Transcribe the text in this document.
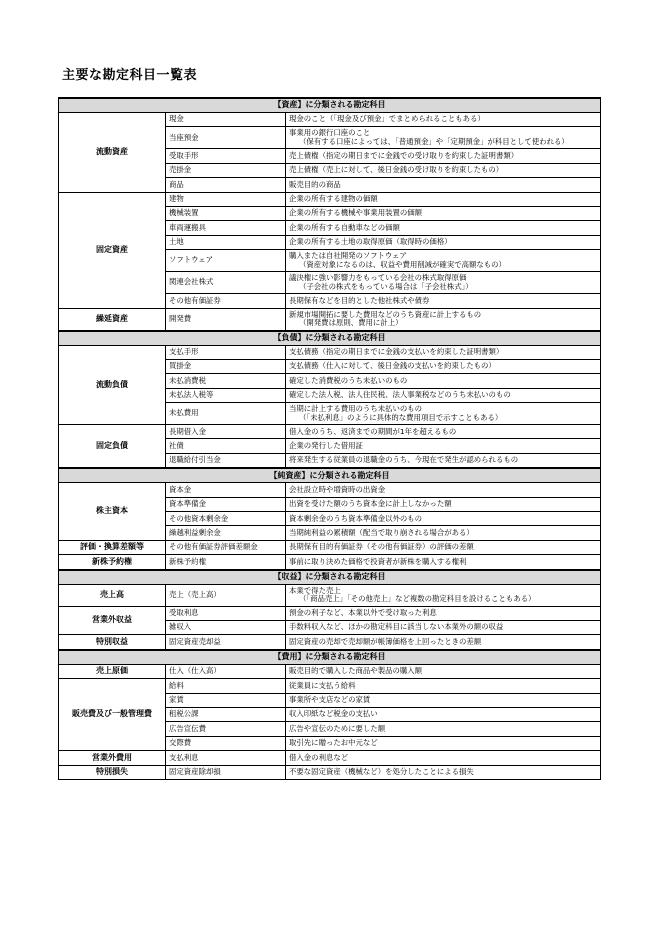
主要な勘定科目一覧表
【資産】に分類される勘定科目		
流動資産	現金	現金のこと（「現金及び預金」でまとめられることもある）

	当座預金	事業用の銀行口座のこと
（保有する口座によっては、「普通預金」や「定期預金」が科目として使われる）

	受取手形	売上債権（指定の期日までに金銭での受け取りを約束した証明書類）

	売掛金	売上債権（売上に対して、後日金銭の受け取りを約束したもの）

	商品	販売目的の商品

固定資産	建物	企業の所有する建物の価額

	機械装置	企業の所有する機械や事業用装置の価額

	車両運搬具	企業の所有する自動車などの価額

	土地	企業の所有する土地の取得原価（取得時の価格）

	ソフトウェア	購入または自社開発のソフトウェア
（資産対象になるのは、収益や費用削減が確実で高額なもの）

	関連会社株式	議決権に強い影響力をもっている会社の株式取得原価
（子会社の株式をもっている場合は「子会社株式」）

	その他有価証券	長期保有などを目的とした他社株式や債券

繰延資産	開発費	新規市場開拓に要した費用などのうち資産に計上するもの
（開発費は原則、費用に計上）

【負債】に分類される勘定科目		
流動負債	支払手形	支払債務（指定の期日までに金銭の支払いを約束した証明書類）

	買掛金	支払債務（仕入に対して、後日金銭の支払いを約束したもの）

	未払消費税	確定した消費税のうち未払いのもの

	未払法人税等	確定した法人税、法人住民税、法人事業税などのうち未払いのもの

	未払費用	当期に計上する費用のうち未払いのもの
（「未払利息」のように具体的な費用項目で示すこともある）

固定負債	長期借入金	借入金のうち、返済までの期間が1年を超えるもの

	社債	企業の発行した借用証

	退職給付引当金	将来発生する従業員の退職金のうち、今現在で発生が認められるもの

【純資産】に分類される勘定科目		
株主資本	資本金	会社設立時や増資時の出資金

	資本準備金	出資を受けた額のうち資本金に計上しなかった額

	その他資本剰余金	資本剰余金のうち資本準備金以外のもの

	繰越利益剰余金	当期純利益の累積額（配当で取り崩される場合がある）

評価・換算差額等	その他有価証券評価差額金	長期保有目的有価証券（その他有価証券）の評価の差額

新株予約権	新株予約権	事前に取り決めた価格で投資者が新株を購入する権利

【収益】に分類される勘定科目		
売上高	売上（売上高）	本業で得た売上
（「商品売上」「その他売上」など複数の勘定科目を設けることもある）

営業外収益	受取利息	預金の利子など、本業以外で受け取った利息

	雑収入	手数料収入など、ほかの勘定科目に該当しない本業外の額の収益

特別収益	固定資産売却益	固定資産の売却で売却額が帳簿価格を上回ったときの差額

【費用】に分類される勘定科目		
売上原価	仕入（仕入高）	販売目的で購入した商品や製品の購入額

販売費及び一般管理費	給料	従業員に支払う給料

	家賃	事業所や支店などの家賃

	租税公課	収入印紙など税金の支払い

	広告宣伝費	広告や宣伝のために要した額

	交際費	取引先に贈ったお中元など

営業外費用	支払利息	借入金の利息など

特別損失	固定資産除却損	不要な固定資産（機械など）を処分したことによる損失
